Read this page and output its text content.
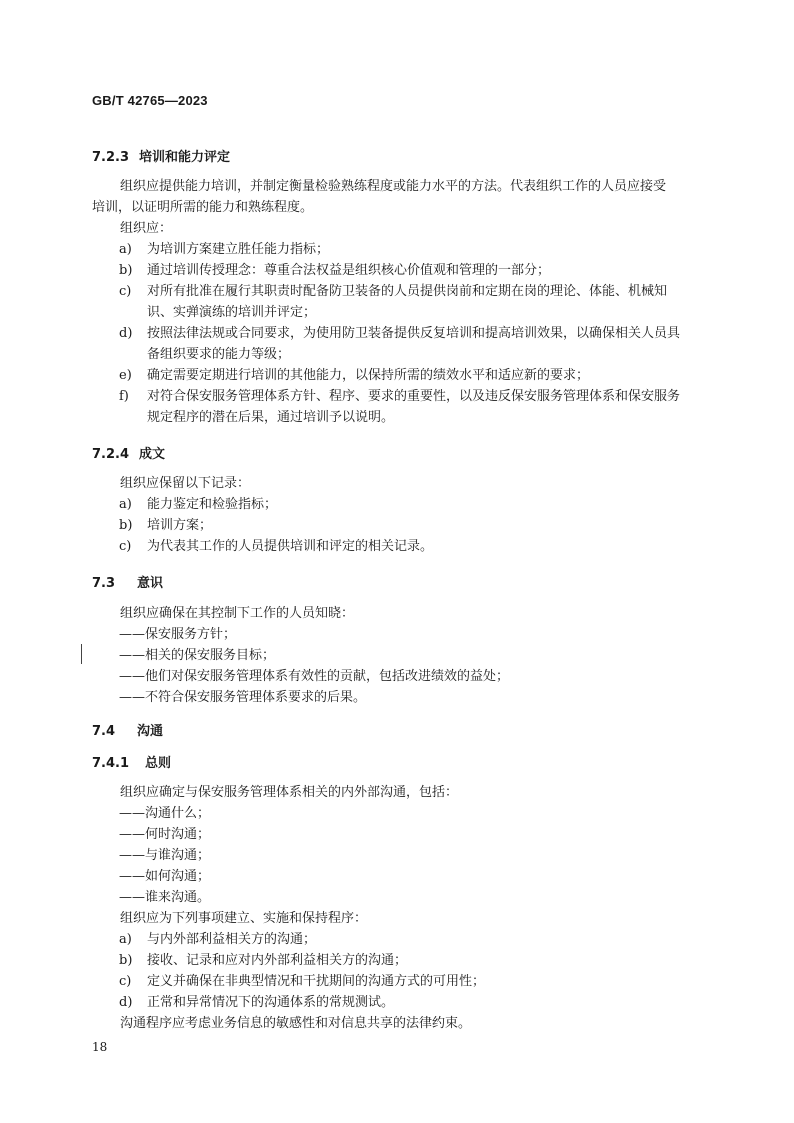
GB/T 42765—2023
7.2.3 培训和能力评定
组织应提供能力培训，并制定衡量检验熟练程度或能力水平的方法。代表组织工作的人员应接受
培训，以证明所需的能力和熟练程度。
组织应：
a) 为培训方案建立胜任能力指标；
b) 通过培训传授理念：尊重合法权益是组织核心价值观和管理的一部分；
c) 对所有批准在履行其职责时配备防卫装备的人员提供岗前和定期在岗的理论、体能、机械知
识、实弹演练的培训并评定；
d) 按照法律法规或合同要求，为使用防卫装备提供反复培训和提高培训效果，以确保相关人员具
备组织要求的能力等级；
e) 确定需要定期进行培训的其他能力，以保持所需的绩效水平和适应新的要求；
f) 对符合保安服务管理体系方针、程序、要求的重要性，以及违反保安服务管理体系和保安服务
规定程序的潜在后果，通过培训予以说明。
7.2.4 成文
组织应保留以下记录：
a) 能力鉴定和检验指标；
b) 培训方案；
c) 为代表其工作的人员提供培训和评定的相关记录。
7.3 意识
组织应确保在其控制下工作的人员知晓：
——保安服务方针；
——相关的保安服务目标；
——他们对保安服务管理体系有效性的贡献，包括改进绩效的益处；
——不符合保安服务管理体系要求的后果。
7.4 沟通
7.4.1 总则
组织应确定与保安服务管理体系相关的内外部沟通，包括：
——沟通什么；
——何时沟通；
——与谁沟通；
——如何沟通；
——谁来沟通。
组织应为下列事项建立、实施和保持程序：
a) 与内外部利益相关方的沟通；
b) 接收、记录和应对内外部利益相关方的沟通；
c) 定义并确保在非典型情况和干扰期间的沟通方式的可用性；
d) 正常和异常情况下的沟通体系的常规测试。
沟通程序应考虑业务信息的敏感性和对信息共享的法律约束。
18
